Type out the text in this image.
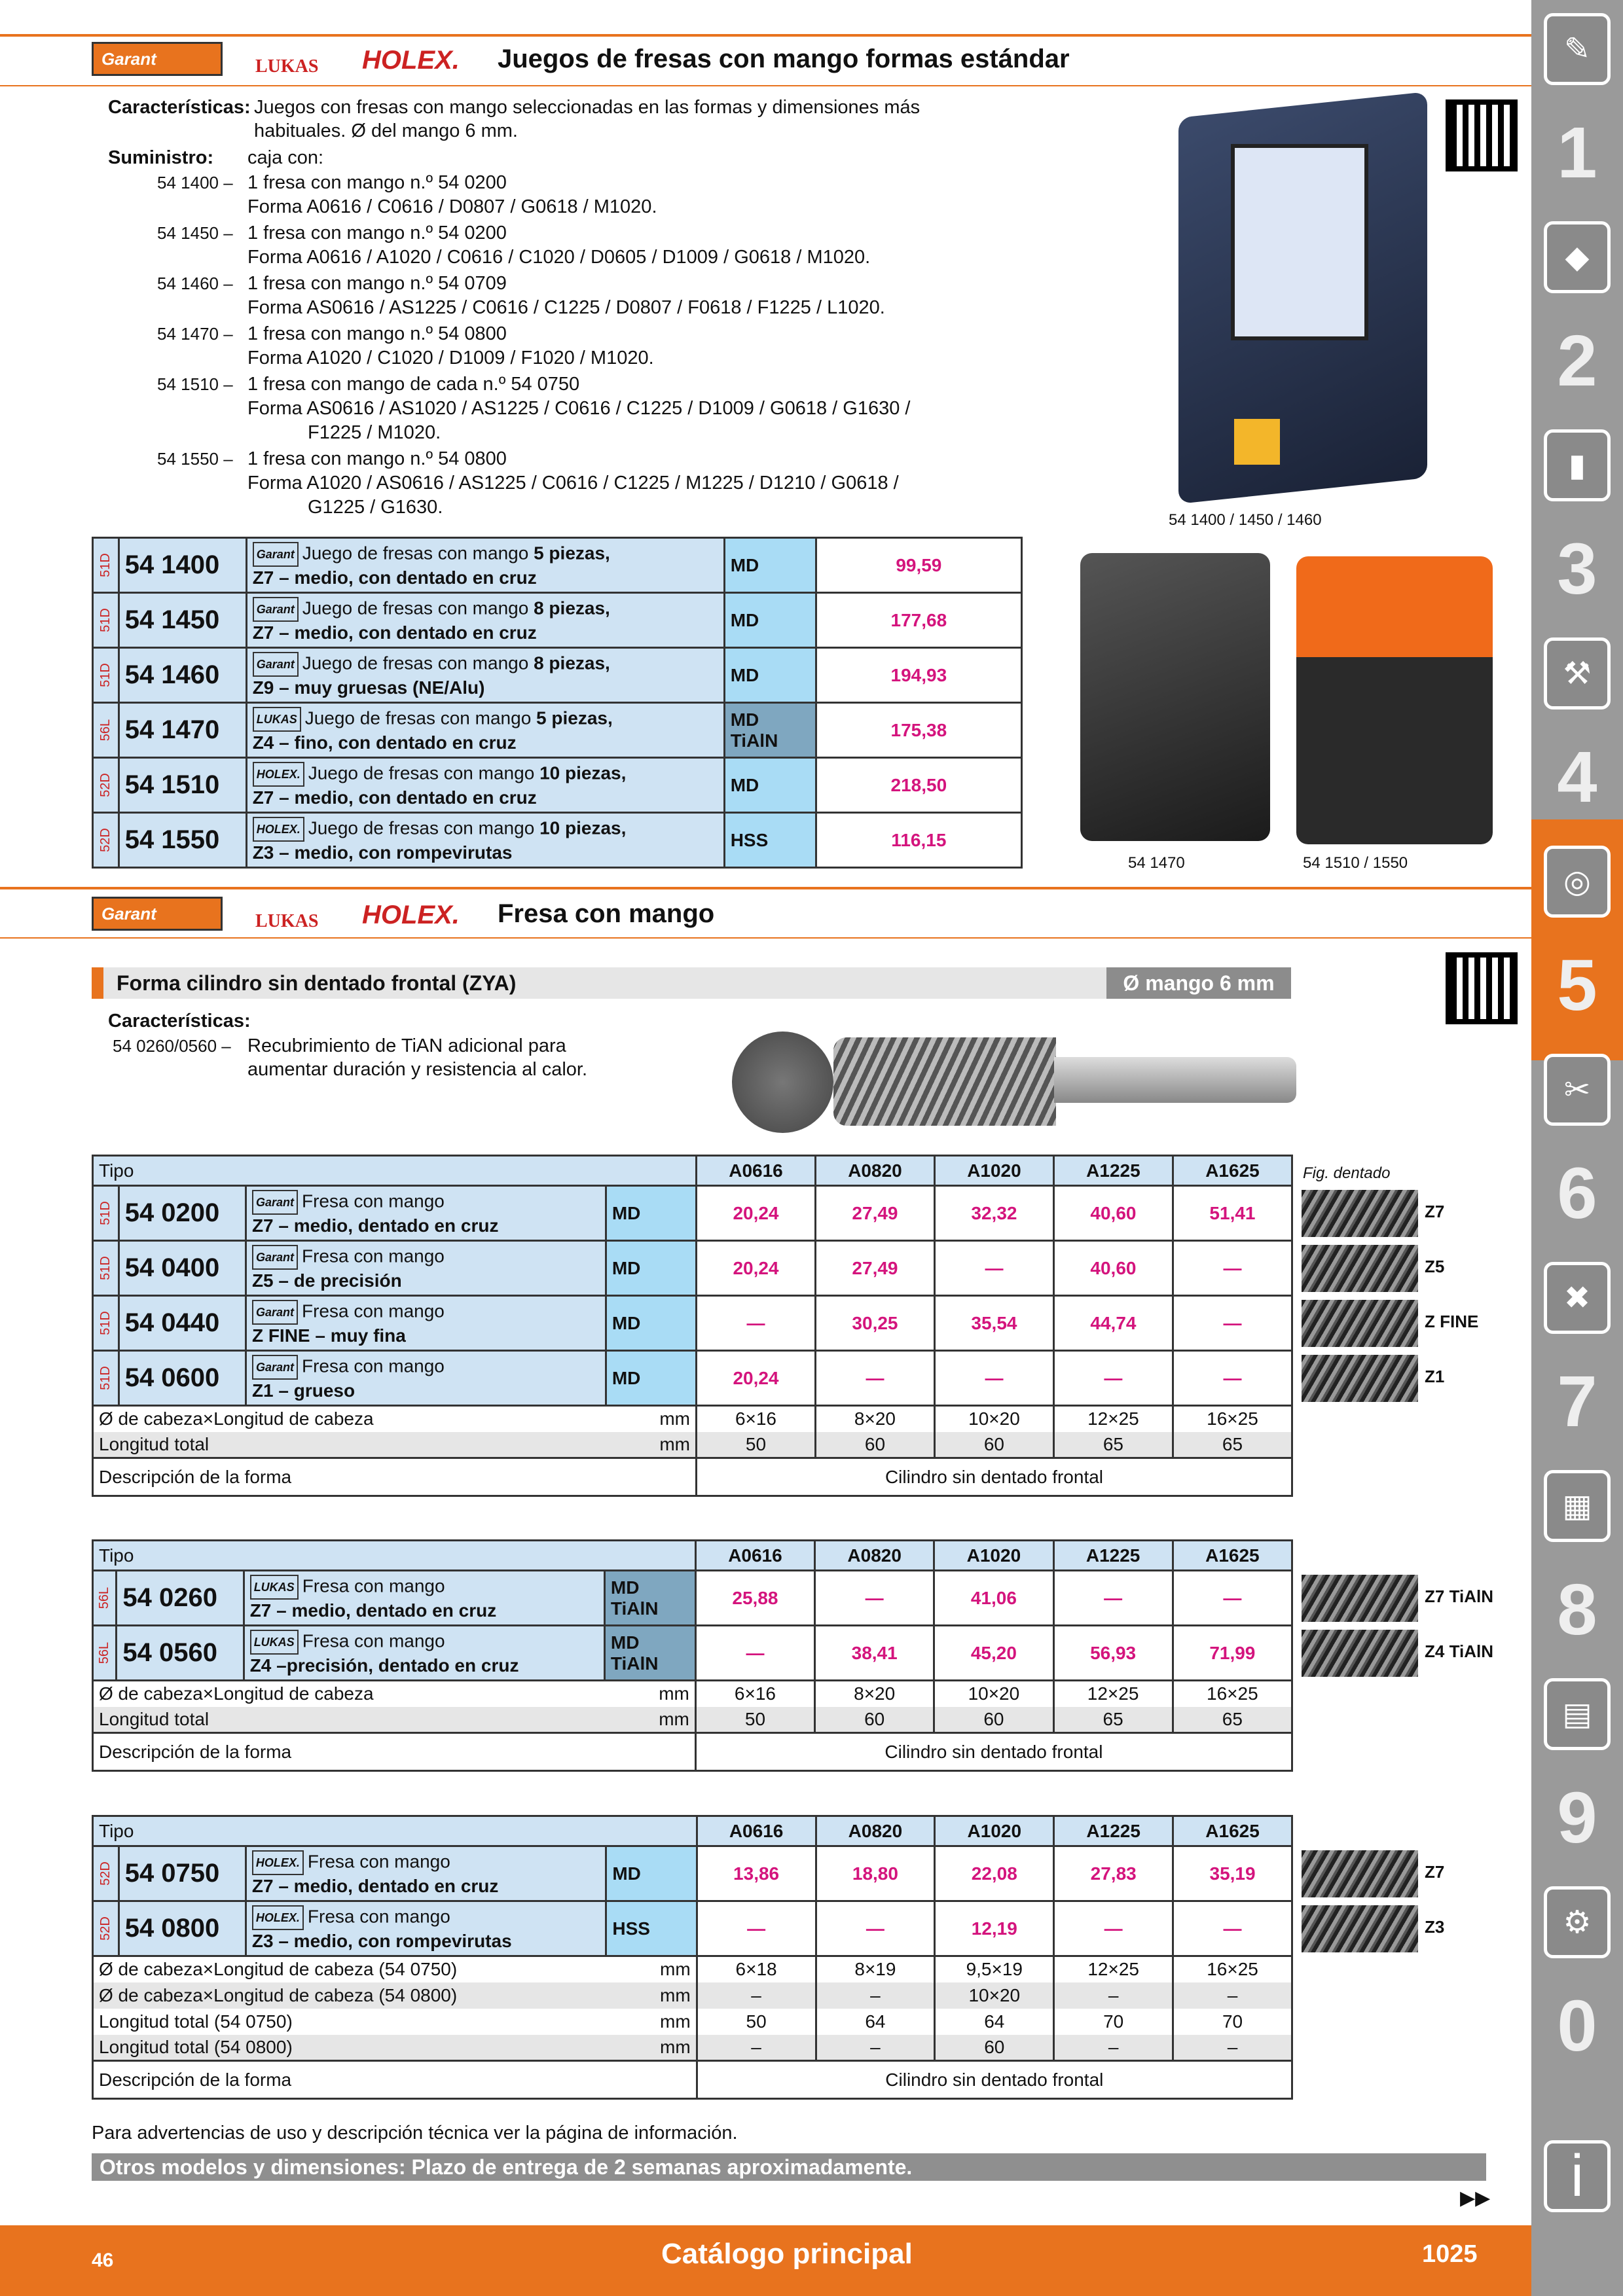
Garant	LUKAS	HOLEX.	Juegos de fresas con mango formas estándar
Características: Juegos con fresas con mango seleccionadas en las formas y dimensiones más
habituales. Ø del mango 6 mm.
Suministro: caja con:
54 1400 – 1 fresa con mango n.º 54 0200
Forma A0616 / C0616 / D0807 / G0618 / M1020.
54 1450 – 1 fresa con mango n.º 54 0200
Forma A0616 / A1020 / C0616 / C1020 / D0605 / D1009 / G0618 / M1020.
54 1460 – 1 fresa con mango n.º 54 0709
Forma AS0616 / AS1225 / C0616 / C1225 / D0807 / F0618 / F1225 / L1020.
54 1470 – 1 fresa con mango n.º 54 0800
Forma A1020 / C1020 / D1009 / F1020 / M1020.
54 1510 – 1 fresa con mango de cada n.º 54 0750
Forma AS0616 / AS1020 / AS1225 / C0616 / C1225 / D1009 / G0618 / G1630 /
F1225 / M1020.
54 1550 – 1 fresa con mango n.º 54 0800
Forma A1020 / AS0616 / AS1225 / C0616 / C1225 / M1225 / D1210 / G0618 /
G1225 / G1630.
54 1400 / 1450 / 1460
54 1470	54 1510 / 1550
51D	54 1400	Garant Juego de fresas con mango 5 piezas,
Z7 – medio, con dentado en cruz	MD	99,59
51D	54 1450	Garant Juego de fresas con mango 8 piezas,
Z7 – medio, con dentado en cruz	MD	177,68
51D	54 1460	Garant Juego de fresas con mango 8 piezas,
Z9 – muy gruesas (NE/Alu)	MD	194,93
56L	54 1470	LUKAS Juego de fresas con mango 5 piezas,
Z4 – fino, con dentado en cruz	MD TiAlN	175,38
52D	54 1510	HOLEX. Juego de fresas con mango 10 piezas,
Z7 – medio, con dentado en cruz	MD	218,50
52D	54 1550	HOLEX. Juego de fresas con mango 10 piezas,
Z3 – medio, con rompevirutas	HSS	116,15
Garant	LUKAS	HOLEX.	Fresa con mango
Forma cilindro sin dentado frontal (ZYA)	Ø mango 6 mm
Características:
54 0260/0560 – Recubrimiento de TiAN adicional para
aumentar duración y resistencia al calor.
Fig. dentado
Tipo				A0616	A0820	A1020	A1225	A1625
51D	54 0200	Garant Fresa con mango
Z7 – medio, dentado en cruz	MD	20,24	27,49	32,32	40,60	51,41
51D	54 0400	Garant Fresa con mango
Z5 – de precisión	MD	20,24	27,49	—	40,60	—
51D	54 0440	Garant Fresa con mango
Z FINE – muy fina	MD	—	30,25	35,54	44,74	—
51D	54 0600	Garant Fresa con mango
Z1 – grueso	MD	20,24	—	—	—	—
Ø de cabeza×Longitud de cabeza			mm	6×16	8×20	10×20	12×25	16×25
Longitud total			mm	50	60	60	65	65
Descripción de la forma				Cilindro sin dentado frontal				
Tipo				A0616	A0820	A1020	A1225	A1625
56L	54 0260	LUKAS Fresa con mango
Z7 – medio, dentado en cruz	MD TiAlN	25,88	—	41,06	—	—
56L	54 0560	LUKAS Fresa con mango
Z4 –precisión, dentado en cruz	MD TiAlN	—	38,41	45,20	56,93	71,99
Ø de cabeza×Longitud de cabeza			mm	6×16	8×20	10×20	12×25	16×25
Longitud total			mm	50	60	60	65	65
Descripción de la forma				Cilindro sin dentado frontal				
Tipo				A0616	A0820	A1020	A1225	A1625
52D	54 0750	HOLEX. Fresa con mango
Z7 – medio, dentado en cruz	MD	13,86	18,80	22,08	27,83	35,19
52D	54 0800	HOLEX. Fresa con mango
Z3 – medio, con rompevirutas	HSS	—	—	12,19	—	—
Ø de cabeza×Longitud de cabeza (54 0750)			mm	6×18	8×19	9,5×19	12×25	16×25
Ø de cabeza×Longitud de cabeza (54 0800)			mm	–	–	10×20	–	–
Longitud total (54 0750)			mm	50	64	64	70	70
Longitud total (54 0800)			mm	–	–	60	–	–
Descripción de la forma				Cilindro sin dentado frontal				
Z7
Z5
Z FINE
Z1
Z7 TiAlN
Z4 TiAlN
Z7
Z3
Para advertencias de uso y descripción técnica ver la página de información.
Otros modelos y dimensiones: Plazo de entrega de 2 semanas aproximadamente.
▶▶
46	Catálogo principal	1025
✎
1
◆
2
▮
3
⚒
4
◎
5
✂
6
✖
7
▦
8
▤
9
⚙
0
i
